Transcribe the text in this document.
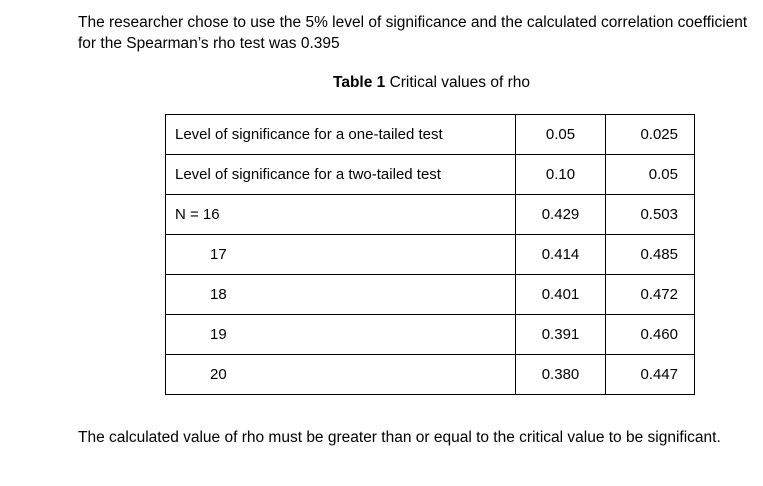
The researcher chose to use the 5% level of significance and the calculated correlation coefficient for the Spearman’s rho test was 0.395

Table 1 Critical values of rho
Level of significance for a one-tailed test	0.05	0.025
Level of significance for a two-tailed test	0.10	0.05
N = 16	0.429	0.503
17	0.414	0.485
18	0.401	0.472
19	0.391	0.460
20	0.380	0.447

The calculated value of rho must be greater than or equal to the critical value to be significant.
